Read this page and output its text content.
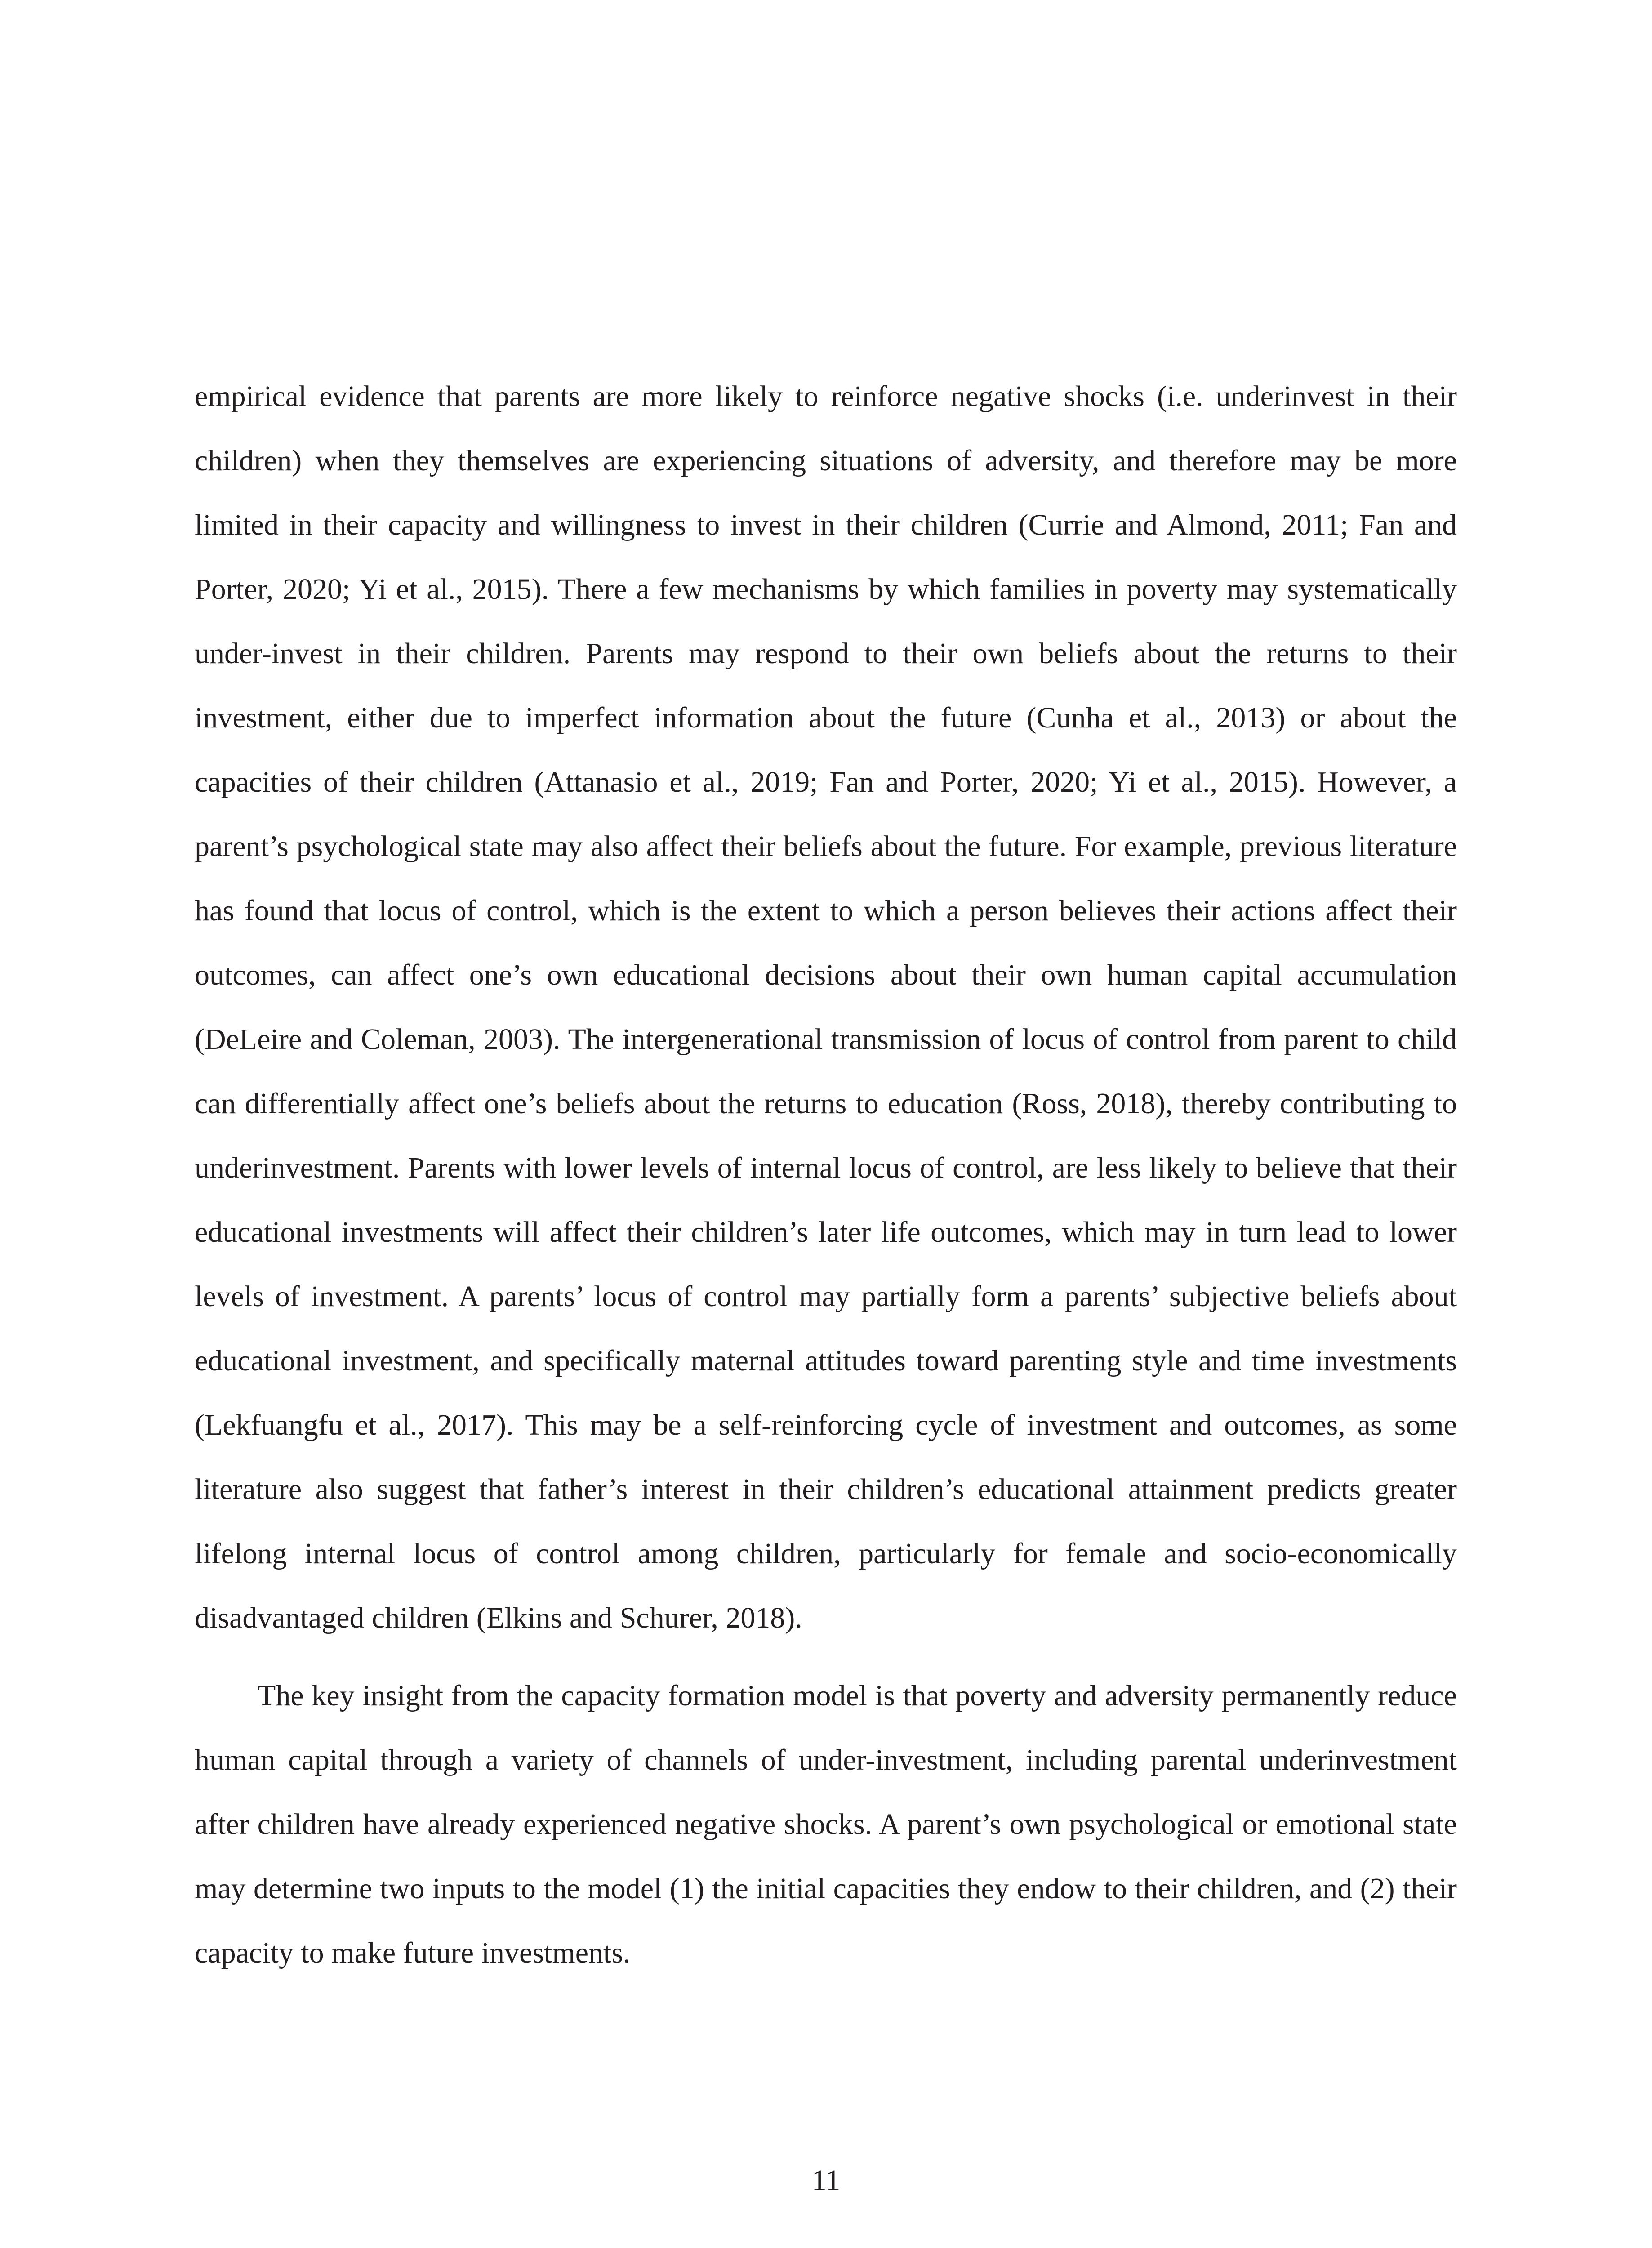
empirical evidence that parents are more likely to reinforce negative shocks (i.e. underinvest in their children) when they themselves are experiencing situations of adversity, and therefore may be more limited in their capacity and willingness to invest in their children (Currie and Almond, 2011; Fan and Porter, 2020; Yi et al., 2015). There a few mechanisms by which families in poverty may systematically under-invest in their children. Parents may respond to their own beliefs about the returns to their investment, either due to imperfect information about the future (Cunha et al., 2013) or about the capacities of their children (Attanasio et al., 2019; Fan and Porter, 2020; Yi et al., 2015). However, a parent’s psychological state may also affect their beliefs about the future. For example, previous literature has found that locus of control, which is the extent to which a person believes their actions affect their outcomes, can affect one’s own educational decisions about their own human capital accumulation (DeLeire and Coleman, 2003). The intergenerational transmission of locus of control from parent to child can differentially affect one’s beliefs about the returns to education (Ross, 2018), thereby contributing to underinvestment. Parents with lower levels of internal locus of control, are less likely to believe that their educational investments will affect their children’s later life outcomes, which may in turn lead to lower levels of investment. A parents’ locus of control may partially form a parents’ subjective beliefs about educational investment, and specifically maternal attitudes toward parenting style and time investments (Lekfuangfu et al., 2017). This may be a self-reinforcing cycle of investment and outcomes, as some literature also suggest that father’s interest in their children’s educational attainment predicts greater lifelong internal locus of control among children, particularly for female and socio-economically disadvantaged children (Elkins and Schurer, 2018).

The key insight from the capacity formation model is that poverty and adversity permanently reduce human capital through a variety of channels of under-investment, including parental underinvestment after children have already experienced negative shocks. A parent’s own psychological or emotional state may determine two inputs to the model (1) the initial capacities they endow to their children, and (2) their capacity to make future investments.

11
